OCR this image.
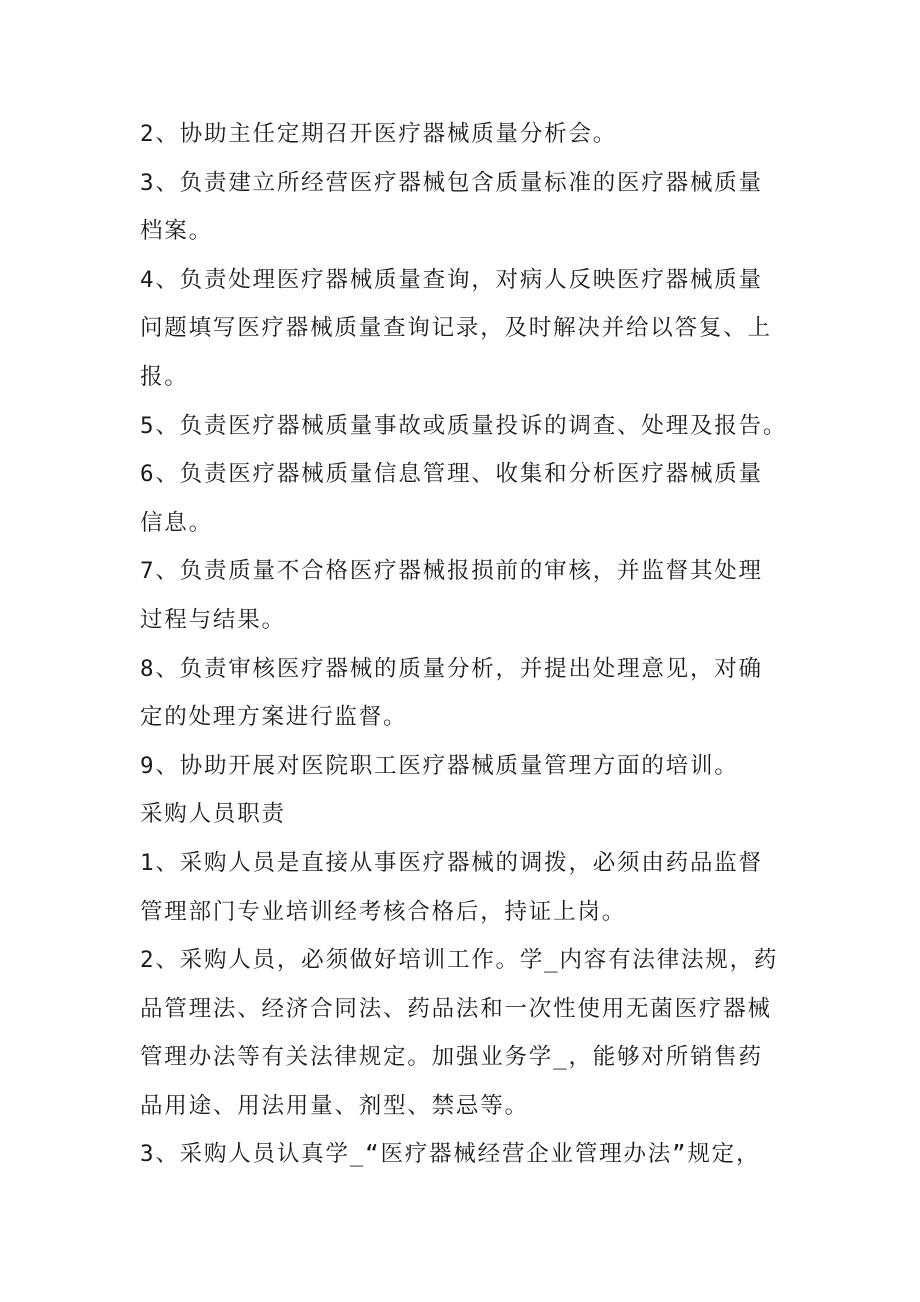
2、协助主任定期召开医疗器械质量分析会。
3、负责建立所经营医疗器械包含质量标准的医疗器械质量
档案。
4、负责处理医疗器械质量查询，对病人反映医疗器械质量
问题填写医疗器械质量查询记录，及时解决并给以答复、上
报。
5、负责医疗器械质量事故或质量投诉的调查、处理及报告。
6、负责医疗器械质量信息管理、收集和分析医疗器械质量
信息。
7、负责质量不合格医疗器械报损前的审核，并监督其处理
过程与结果。
8、负责审核医疗器械的质量分析，并提出处理意见，对确
定的处理方案进行监督。
9、协助开展对医院职工医疗器械质量管理方面的培训。
采购人员职责
1、采购人员是直接从事医疗器械的调拨，必须由药品监督
管理部门专业培训经考核合格后，持证上岗。
2、采购人员，必须做好培训工作。学_内容有法律法规，药
品管理法、经济合同法、药品法和一次性使用无菌医疗器械
管理办法等有关法律规定。加强业务学_，能够对所销售药
品用途、用法用量、剂型、禁忌等。
3、采购人员认真学_“医疗器械经营企业管理办法”规定，
